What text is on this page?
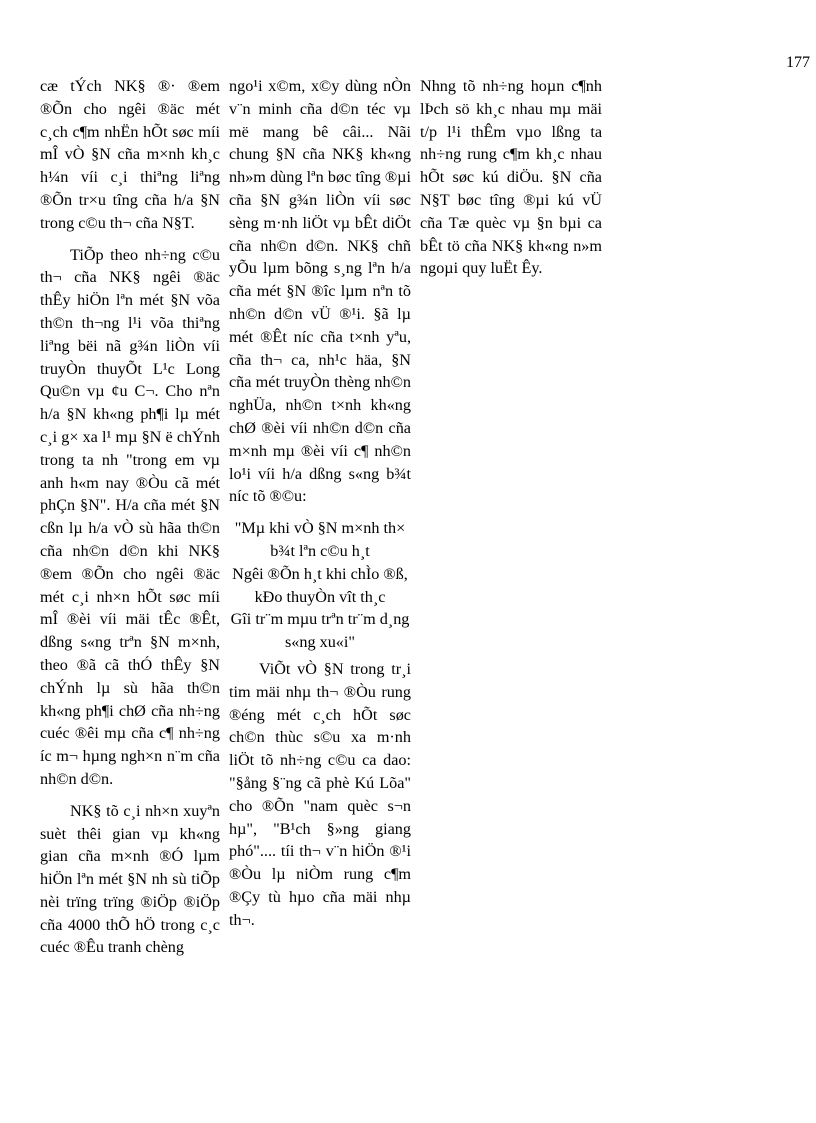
177

cæ tÝch NK§ ®· ®em ®Õn cho ngêi ®äc mét c¸ch c¶m nhËn hÕt søc míi mÎ vÒ §N cña m×nh kh¸c h¼n víi c¸i thiªng liªng ®Õn tr×u tîng cña h/a §N trong c©u th¬ cña N§T.

TiÕp theo nh÷ng c©u th¬ cña NK§ ngêi ®äc thÊy hiÖn lªn mét §N võa th©n th¬ng l¹i võa thiªng liªng bëi nã g¾n liÒn víi truyÒn thuyÕt L¹c Long Qu©n vµ ¢u C¬. Cho nªn h/a §N kh«ng ph¶i lµ mét c¸i g× xa l¹ mµ §N ë chÝnh trong ta nh "trong em vµ anh h«m nay ®Òu cã mét phÇn §N". H/a cña mét §N cßn lµ h/a vÒ sù hãa th©n cña nh©n d©n khi NK§ ®em ®Õn cho ngêi ®äc mét c¸i nh×n hÕt søc míi mÎ ®èi víi mäi tÊc ®Êt, dßng s«ng trªn §N m×nh, theo ®ã cã thÓ thÊy §N chÝnh lµ sù hãa th©n kh«ng ph¶i chØ cña nh÷ng cuéc ®êi mµ cña c¶ nh÷ng íc m¬ hµng ngh×n n¨m cña nh©n d©n.

NK§ tõ c¸i nh×n xuyªn suèt thêi gian vµ kh«ng gian cña m×nh ®Ó lµm hiÖn lªn mét §N nh sù tiÕp nèi trïng trïng ®iÖp ®iÖp cña 4000 thÕ hÖ trong c¸c cuéc ®Êu tranh chèng

ngo¹i x©m, x©y dùng nÒn v¨n minh cña d©n téc vµ më mang bê câi... Nãi chung §N cña NK§ kh«ng nh»m dùng lªn bøc tîng ®µi cña §N g¾n liÒn víi søc sèng m·nh liÖt vµ bÊt diÖt cña nh©n d©n. NK§ chñ yÕu lµm bõng s¸ng lªn h/a cña mét §N ®îc lµm nªn tõ nh©n d©n vÜ ®¹i. §ã lµ mét ®Êt níc cña t×nh yªu, cña th¬ ca, nh¹c häa, §N cña mét truyÒn thèng nh©n nghÜa, nh©n t×nh kh«ng chØ ®èi víi nh©n d©n cña m×nh mµ ®èi víi c¶ nh©n lo¹i víi h/a dßng s«ng b¾t níc tõ ®©u:

"Mµ khi vÒ §N m×nh th× b¾t lªn c©u h¸t
Ngêi ®Õn h¸t khi chÌo ®ß, kÐo thuyÒn vît th¸c
Gîi tr¨m mµu trªn tr¨m d¸ng s«ng xu«i"

ViÕt vÒ §N trong tr¸i tim mäi nhµ th¬ ®Òu rung ®éng mét c¸ch hÕt søc ch©n thùc s©u xa m·nh liÖt tõ nh÷ng c©u ca dao: "§ång §¨ng cã phè Kú Lõa" cho ®Õn "nam quèc s¬n hµ", "B¹ch §»ng giang phó".... tíi th¬ v¨n hiÖn ®¹i ®Òu lµ niÒm rung c¶m ®Çy tù hµo cña mäi nhµ th¬.

Nhng tõ nh÷ng hoµn c¶nh lÞch sö kh¸c nhau mµ mäi t/p l¹i thÊm vµo lßng ta nh÷ng rung c¶m kh¸c nhau hÕt søc kú diÖu. §N cña N§T bøc tîng ®µi kú vÜ cña Tæ quèc vµ §n bµi ca bÊt tö cña NK§ kh«ng n»m ngoµi quy luËt Êy.
